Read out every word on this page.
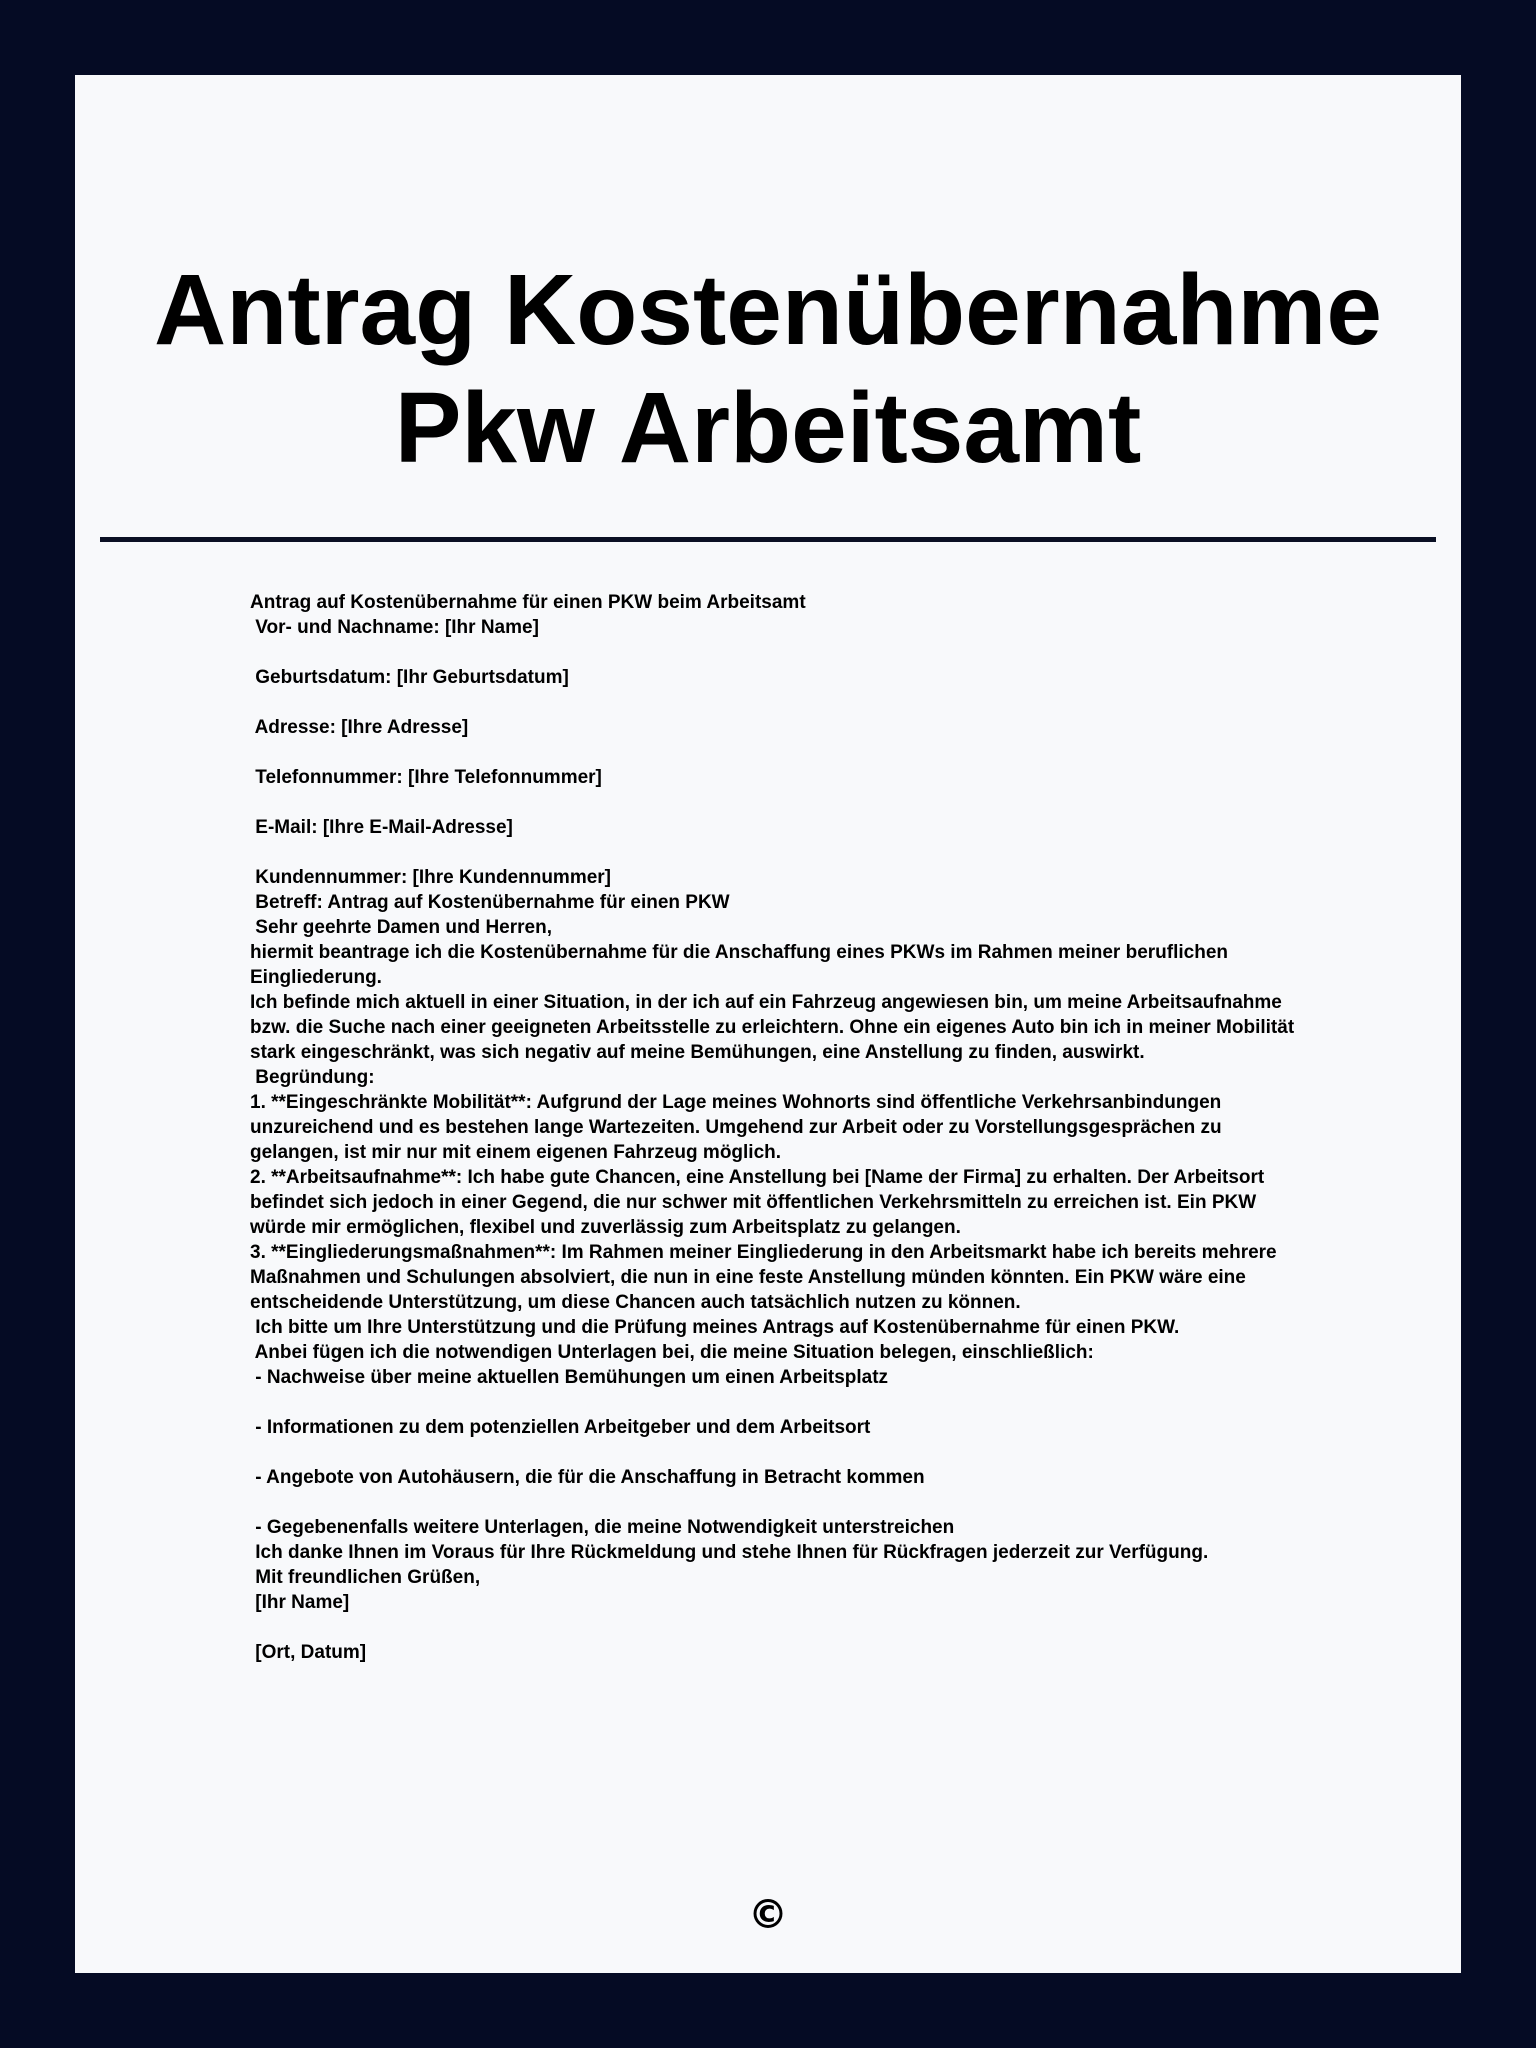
Antrag Kostenübernahme
Pkw Arbeitsamt
Antrag auf Kostenübernahme für einen PKW beim Arbeitsamt
Vor- und Nachname: [Ihr Name]
Geburtsdatum: [Ihr Geburtsdatum]
Adresse: [Ihre Adresse]
Telefonnummer: [Ihre Telefonnummer]
E-Mail: [Ihre E-Mail-Adresse]
Kundennummer: [Ihre Kundennummer]
Betreff: Antrag auf Kostenübernahme für einen PKW
Sehr geehrte Damen und Herren,
hiermit beantrage ich die Kostenübernahme für die Anschaffung eines PKWs im Rahmen meiner beruflichen Eingliederung.
Ich befinde mich aktuell in einer Situation, in der ich auf ein Fahrzeug angewiesen bin, um meine Arbeitsaufnahme bzw. die Suche nach einer geeigneten Arbeitsstelle zu erleichtern. Ohne ein eigenes Auto bin ich in meiner Mobilität stark eingeschränkt, was sich negativ auf meine Bemühungen, eine Anstellung zu finden, auswirkt.
Begründung:
1. **Eingeschränkte Mobilität**: Aufgrund der Lage meines Wohnorts sind öffentliche Verkehrsanbindungen unzureichend und es bestehen lange Wartezeiten. Umgehend zur Arbeit oder zu Vorstellungsgesprächen zu gelangen, ist mir nur mit einem eigenen Fahrzeug möglich.
2. **Arbeitsaufnahme**: Ich habe gute Chancen, eine Anstellung bei [Name der Firma] zu erhalten. Der Arbeitsort befindet sich jedoch in einer Gegend, die nur schwer mit öffentlichen Verkehrsmitteln zu erreichen ist. Ein PKW würde mir ermöglichen, flexibel und zuverlässig zum Arbeitsplatz zu gelangen.
3. **Eingliederungsmaßnahmen**: Im Rahmen meiner Eingliederung in den Arbeitsmarkt habe ich bereits mehrere Maßnahmen und Schulungen absolviert, die nun in eine feste Anstellung münden könnten. Ein PKW wäre eine entscheidende Unterstützung, um diese Chancen auch tatsächlich nutzen zu können.
Ich bitte um Ihre Unterstützung und die Prüfung meines Antrags auf Kostenübernahme für einen PKW.
Anbei fügen ich die notwendigen Unterlagen bei, die meine Situation belegen, einschließlich:
- Nachweise über meine aktuellen Bemühungen um einen Arbeitsplatz
- Informationen zu dem potenziellen Arbeitgeber und dem Arbeitsort
- Angebote von Autohäusern, die für die Anschaffung in Betracht kommen
- Gegebenenfalls weitere Unterlagen, die meine Notwendigkeit unterstreichen
Ich danke Ihnen im Voraus für Ihre Rückmeldung und stehe Ihnen für Rückfragen jederzeit zur Verfügung.
Mit freundlichen Grüßen,
[Ihr Name]
[Ort, Datum]
©
